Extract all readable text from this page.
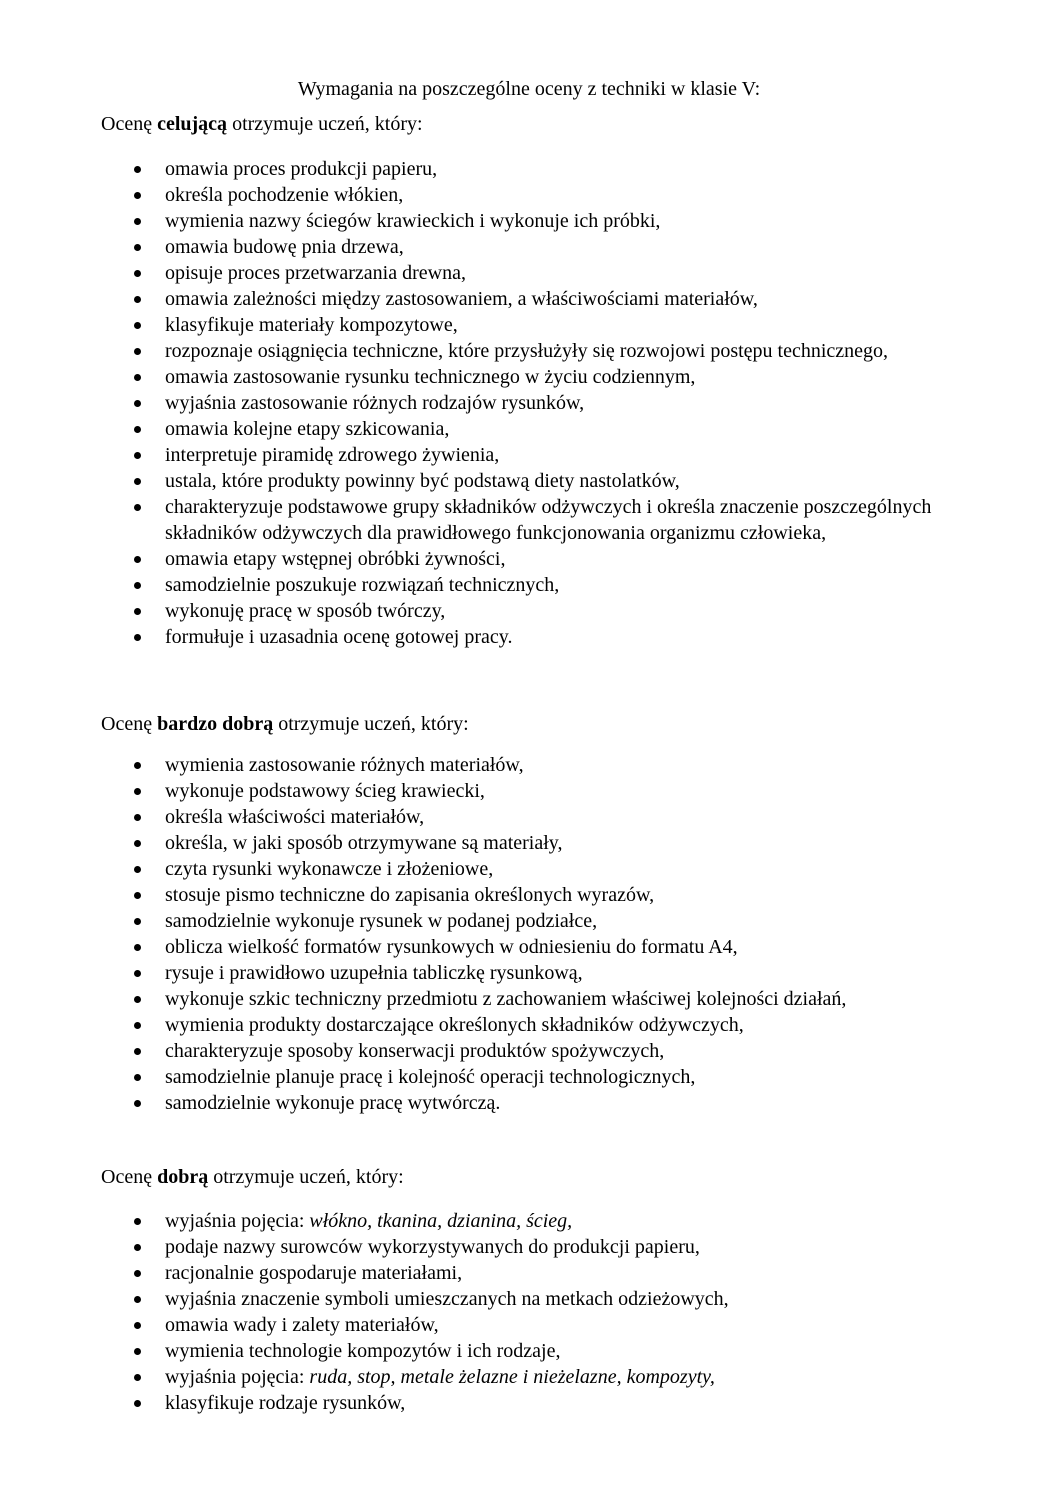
Wymagania na poszczególne oceny z techniki w klasie V:
Ocenę celującą otrzymuje uczeń, który:
omawia proces produkcji papieru,
określa pochodzenie włókien,
wymienia nazwy ściegów krawieckich i wykonuje ich próbki,
omawia budowę pnia drzewa,
opisuje proces przetwarzania drewna,
omawia zależności między zastosowaniem, a właściwościami materiałów,
klasyfikuje materiały kompozytowe,
rozpoznaje osiągnięcia techniczne, które przysłużyły się rozwojowi postępu technicznego,
omawia zastosowanie rysunku technicznego w życiu codziennym,
wyjaśnia zastosowanie różnych rodzajów rysunków,
omawia kolejne etapy szkicowania,
interpretuje piramidę zdrowego żywienia,
ustala, które produkty powinny być podstawą diety nastolatków,
charakteryzuje podstawowe grupy składników odżywczych i określa znaczenie poszczególnych składników odżywczych dla prawidłowego funkcjonowania organizmu człowieka,
omawia etapy wstępnej obróbki żywności,
samodzielnie poszukuje rozwiązań technicznych,
wykonuję pracę w sposób twórczy,
formułuje i uzasadnia ocenę gotowej pracy.
Ocenę bardzo dobrą otrzymuje uczeń, który:
wymienia zastosowanie różnych materiałów,
wykonuje podstawowy ścieg krawiecki,
określa właściwości materiałów,
określa, w jaki sposób otrzymywane są materiały,
czyta rysunki wykonawcze i złożeniowe,
stosuje pismo techniczne do zapisania określonych wyrazów,
samodzielnie wykonuje rysunek w podanej podziałce,
oblicza wielkość formatów rysunkowych w odniesieniu do formatu A4,
rysuje i prawidłowo uzupełnia tabliczkę rysunkową,
wykonuje szkic techniczny przedmiotu z zachowaniem właściwej kolejności działań,
wymienia produkty dostarczające określonych składników odżywczych,
charakteryzuje sposoby konserwacji produktów spożywczych,
samodzielnie planuje pracę i kolejność operacji technologicznych,
samodzielnie wykonuje pracę wytwórczą.
Ocenę dobrą otrzymuje uczeń, który:
wyjaśnia pojęcia: włókno, tkanina, dzianina, ścieg,
podaje nazwy surowców wykorzystywanych do produkcji papieru,
racjonalnie gospodaruje materiałami,
wyjaśnia znaczenie symboli umieszczanych na metkach odzieżowych,
omawia wady i zalety materiałów,
wymienia technologie kompozytów i ich rodzaje,
wyjaśnia pojęcia: ruda, stop, metale żelazne i nieżelazne, kompozyty,
klasyfikuje rodzaje rysunków,
